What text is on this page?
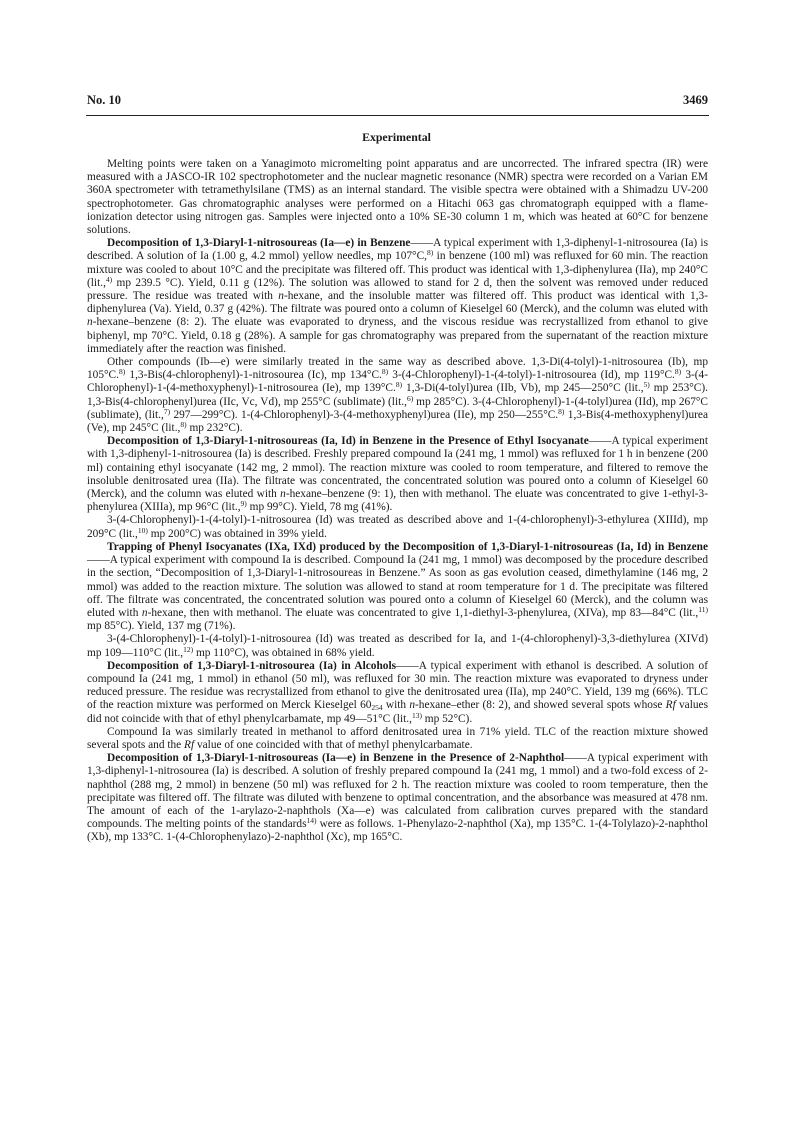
No. 10	3469
Experimental

Melting points were taken on a Yanagimoto micromelting point apparatus and are uncorrected. The infrared spectra (IR) were measured with a JASCO-IR 102 spectrophotometer and the nuclear magnetic resonance (NMR) spectra were recorded on a Varian EM 360A spectrometer with tetramethylsilane (TMS) as an internal standard. The visible spectra were obtained with a Shimadzu UV-200 spectrophotometer. Gas chromatographic analyses were performed on a Hitachi 063 gas chromatograph equipped with a flame-ionization detector using nitrogen gas. Samples were injected onto a 10% SE-30 column 1 m, which was heated at 60°C for benzene solutions.

Decomposition of 1,3-Diaryl-1-nitrosoureas (Ia—e) in Benzene——A typical experiment with 1,3-diphenyl-1-nitrosourea (Ia) is described. A solution of Ia (1.00 g, 4.2 mmol) yellow needles, mp 107°C,$^{8)}$ in benzene (100 ml) was refluxed for 60 min. The reaction mixture was cooled to about 10°C and the precipitate was filtered off. This product was identical with 1,3-diphenylurea (IIa), mp 240°C (lit.,$^{4)}$ mp 239.5 °C). Yield, 0.11 g (12%). The solution was allowed to stand for 2 d, then the solvent was removed under reduced pressure. The residue was treated with n-hexane, and the insoluble matter was filtered off. This product was identical with 1,3-diphenylurea (Va). Yield, 0.37 g (42%). The filtrate was poured onto a column of Kieselgel 60 (Merck), and the column was eluted with n-hexane–benzene (8: 2). The eluate was evaporated to dryness, and the viscous residue was recrystallized from ethanol to give biphenyl, mp 70°C. Yield, 0.18 g (28%). A sample for gas chromatography was prepared from the supernatant of the reaction mixture immediately after the reaction was finished.

Other compounds (Ib—e) were similarly treated in the same way as described above. 1,3-Di(4-tolyl)-1-nitrosourea (Ib), mp 105°C.$^{8)}$ 1,3-Bis(4-chlorophenyl)-1-nitrosourea (Ic), mp 134°C.$^{8)}$ 3-(4-Chlorophenyl)-1-(4-tolyl)-1-nitrosourea (Id), mp 119°C.$^{8)}$ 3-(4-Chlorophenyl)-1-(4-methoxyphenyl)-1-nitrosourea (Ie), mp 139°C.$^{8)}$ 1,3-Di(4-tolyl)urea (IIb, Vb), mp 245—250°C (lit.,$^{5)}$ mp 253°C). 1,3-Bis(4-chlorophenyl)urea (IIc, Vc, Vd), mp 255°C (sublimate) (lit.,$^{6)}$ mp 285°C). 3-(4-Chlorophenyl)-1-(4-tolyl)urea (IId), mp 267°C (sublimate), (lit.,$^{7)}$ 297—299°C). 1-(4-Chlorophenyl)-3-(4-methoxyphenyl)urea (IIe), mp 250—255°C.$^{8)}$ 1,3-Bis(4-methoxyphenyl)urea (Ve), mp 245°C (lit.,$^{8)}$ mp 232°C).

Decomposition of 1,3-Diaryl-1-nitrosoureas (Ia, Id) in Benzene in the Presence of Ethyl Isocyanate——A typical experiment with 1,3-diphenyl-1-nitrosourea (Ia) is described. Freshly prepared compound Ia (241 mg, 1 mmol) was refluxed for 1 h in benzene (200 ml) containing ethyl isocyanate (142 mg, 2 mmol). The reaction mixture was cooled to room temperature, and filtered to remove the insoluble denitrosated urea (IIa). The filtrate was concentrated, the concentrated solution was poured onto a column of Kieselgel 60 (Merck), and the column was eluted with n-hexane–benzene (9: 1), then with methanol. The eluate was concentrated to give 1-ethyl-3-phenylurea (XIIIa), mp 96°C (lit.,$^{9)}$ mp 99°C). Yield, 78 mg (41%).

3-(4-Chlorophenyl)-1-(4-tolyl)-1-nitrosourea (Id) was treated as described above and 1-(4-chlorophenyl)-3-ethylurea (XIIId), mp 209°C (lit.,$^{10)}$ mp 200°C) was obtained in 39% yield.

Trapping of Phenyl Isocyanates (IXa, IXd) produced by the Decomposition of 1,3-Diaryl-1-nitrosoureas (Ia, Id) in Benzene——A typical experiment with compound Ia is described. Compound Ia (241 mg, 1 mmol) was decomposed by the procedure described in the section, “Decomposition of 1,3-Diaryl-1-nitrosoureas in Benzene.” As soon as gas evolution ceased, dimethylamine (146 mg, 2 mmol) was added to the reaction mixture. The solution was allowed to stand at room temperature for 1 d. The precipitate was filtered off. The filtrate was concentrated, the concentrated solution was poured onto a column of Kieselgel 60 (Merck), and the column was eluted with n-hexane, then with methanol. The eluate was concentrated to give 1,1-diethyl-3-phenylurea, (XIVa), mp 83—84°C (lit.,$^{11)}$ mp 85°C). Yield, 137 mg (71%).

3-(4-Chlorophenyl)-1-(4-tolyl)-1-nitrosourea (Id) was treated as described for Ia, and 1-(4-chlorophenyl)-3,3-diethylurea (XIVd) mp 109—110°C (lit.,$^{12)}$ mp 110°C), was obtained in 68% yield.

Decomposition of 1,3-Diaryl-1-nitrosourea (Ia) in Alcohols——A typical experiment with ethanol is described. A solution of compound Ia (241 mg, 1 mmol) in ethanol (50 ml), was refluxed for 30 min. The reaction mixture was evaporated to dryness under reduced pressure. The residue was recrystallized from ethanol to give the denitrosated urea (IIa), mp 240°C. Yield, 139 mg (66%). TLC of the reaction mixture was performed on Merck Kieselgel $60_{254}$ with n-hexane–ether (8: 2), and showed several spots whose Rf values did not coincide with that of ethyl phenylcarbamate, mp 49—51°C (lit.,$^{13)}$ mp 52°C).

Compound Ia was similarly treated in methanol to afford denitrosated urea in 71% yield. TLC of the reaction mixture showed several spots and the Rf value of one coincided with that of methyl phenylcarbamate.

Decomposition of 1,3-Diaryl-1-nitrosoureas (Ia—e) in Benzene in the Presence of 2-Naphthol——A typical experiment with 1,3-diphenyl-1-nitrosourea (Ia) is described. A solution of freshly prepared compound Ia (241 mg, 1 mmol) and a two-fold excess of 2-naphthol (288 mg, 2 mmol) in benzene (50 ml) was refluxed for 2 h. The reaction mixture was cooled to room temperature, then the precipitate was filtered off. The filtrate was diluted with benzene to optimal concentration, and the absorbance was measured at 478 nm. The amount of each of the 1-arylazo-2-naphthols (Xa—e) was calculated from calibration curves prepared with the standard compounds. The melting points of the standards$^{14)}$ were as follows. 1-Phenylazo-2-naphthol (Xa), mp 135°C. 1-(4-Tolylazo)-2-naphthol (Xb), mp 133°C. 1-(4-Chlorophenylazo)-2-naphthol (Xc), mp 165°C.
